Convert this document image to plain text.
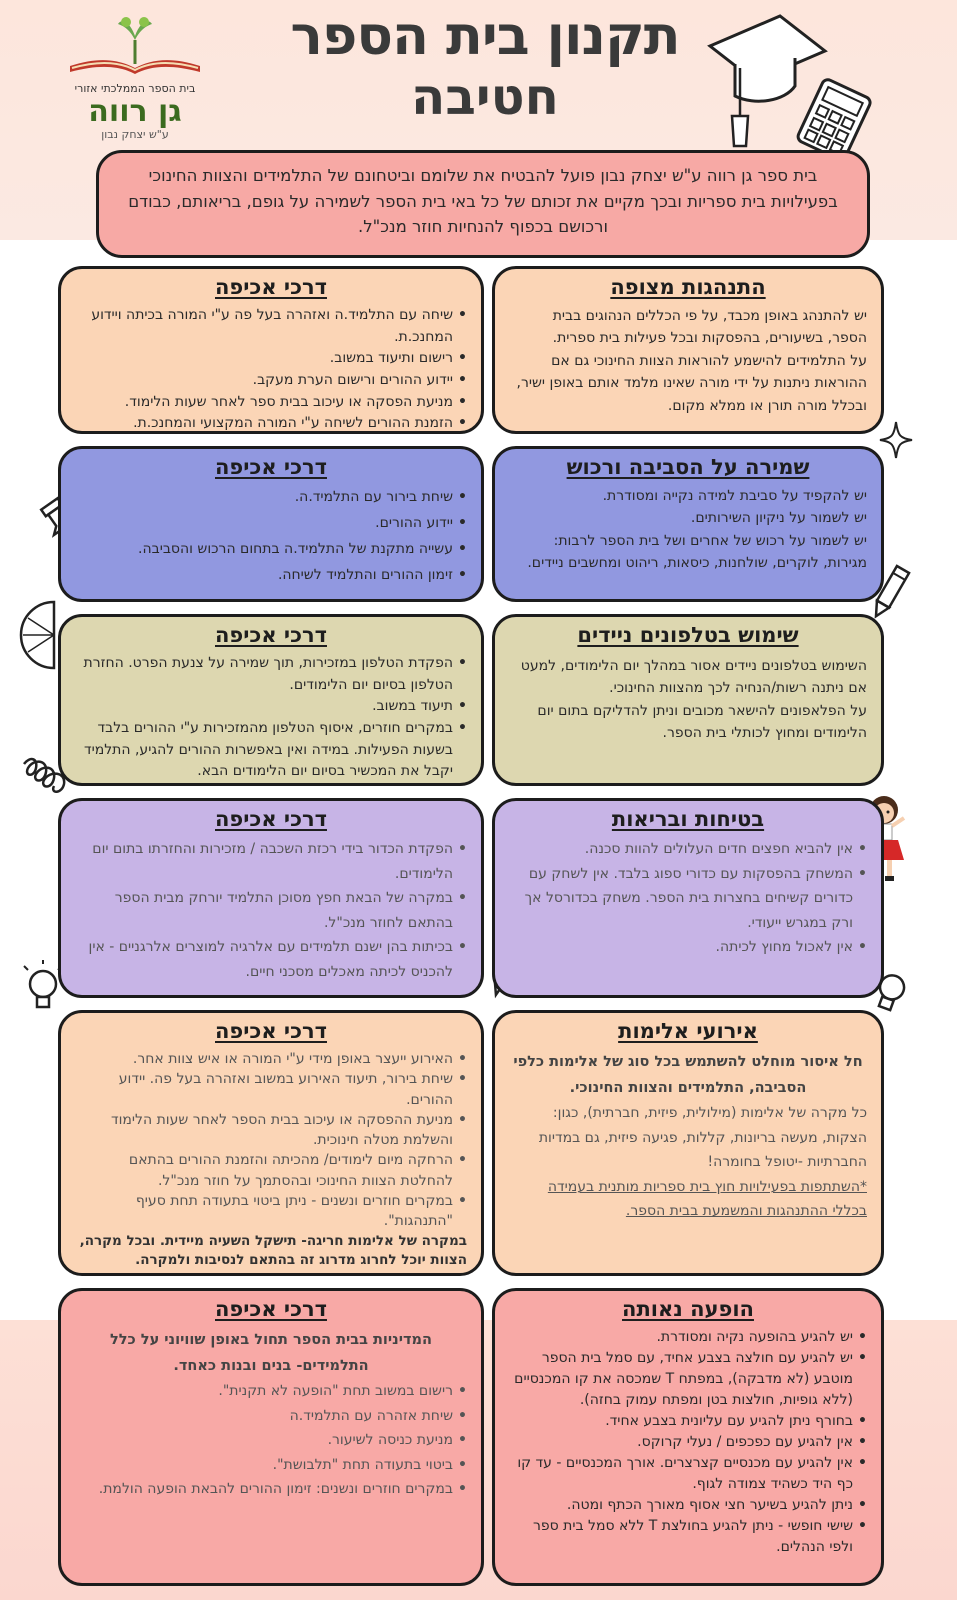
תקנון בית הספר
חטיבה
בית הספר הממלכתי אזורי
גן רווה
ע"ש יצחק נבון
בית ספר גן רווה ע"ש יצחק נבון פועל להבטיח את שלומם וביטחונם של התלמידים והצוות החינוכי בפעילויות בית ספריות ובכך מקיים את זכותם של כל באי בית הספר לשמירה על גופם, בריאותם, כבודם ורכושם בכפוף להנחיות חוזר מנכ"ל.
התנהגות מצופה

יש להתנהג באופן מכבד, על פי הכללים הנהוגים בבית הספר, בשיעורים, בהפסקות ובכל פעילות בית ספרית.

על התלמידים להישמע להוראות הצוות החינוכי גם אם ההוראות ניתנות על ידי מורה שאינו מלמד אותם באופן ישיר, ובכלל מורה תורן או ממלא מקום.

דרכי אכיפה
• שיחה עם התלמיד.ה ואזהרה בעל פה ע"י המורה בכיתה ויידוע המחנכ.ת.
• רישום ותיעוד במשוב.
• יידוע ההורים ורישום הערת מעקב.
• מניעת הפסקה או עיכוב בבית ספר לאחר שעות הלימוד.
• הזמנת ההורים לשיחה ע"י המורה המקצועי והמחנכ.ת.
שמירה על הסביבה ורכוש

יש להקפיד על סביבת למידה נקייה ומסודרת.

יש לשמור על ניקיון השירותים.

יש לשמור על רכוש של אחרים ושל בית הספר לרבות: מגירות, לוקרים, שולחנות, כיסאות, ריהוט ומחשבים ניידים.

דרכי אכיפה
• שיחת בירור עם התלמיד.ה.
• יידוע ההורים.
• עשייה מתקנת של התלמיד.ה בתחום הרכוש והסביבה.
• זימון ההורים והתלמיד לשיחה.
שימוש בטלפונים ניידים

השימוש בטלפונים ניידים אסור במהלך יום הלימודים, למעט אם ניתנה רשות/הנחיה לכך מהצוות החינוכי.

על הפלאפונים להישאר מכובים וניתן להדליקם בתום יום הלימודים ומחוץ לכותלי בית הספר.

דרכי אכיפה
• הפקדת הטלפון במזכירות, תוך שמירה על צנעת הפרט. החזרת הטלפון בסיום יום הלימודים.
• תיעוד במשוב.
• במקרים חוזרים, איסוף הטלפון מהמזכירות ע"י ההורים בלבד בשעות הפעילות. במידה ואין באפשרות ההורים להגיע, התלמיד יקבל את המכשיר בסיום יום הלימודים הבא.
בטיחות ובריאות
• אין להביא חפצים חדים העלולים להוות סכנה.
• המשחק בהפסקות עם כדורי ספוג בלבד. אין לשחק עם כדורים קשיחים בחצרות בית הספר. משחק בכדורסל אך ורק במגרש ייעודי.
• אין לאכול מחוץ לכיתה.
דרכי אכיפה
• הפקדת הכדור בידי רכזת השכבה / מזכירות והחזרתו בתום יום הלימודים.
• במקרה של הבאת חפץ מסוכן התלמיד יורחק מבית הספר בהתאם לחוזר מנכ"ל.
• בכיתות בהן ישנם תלמידים עם אלרגיה למוצרים אלרגניים - אין להכניס לכיתה מאכלים מסכני חיים.
אירועי אלימות

חל איסור מוחלט להשתמש בכל סוג של אלימות כלפי הסביבה, התלמידים והצוות החינוכי.

כל מקרה של אלימות (מילולית, פיזית, חברתית), כגון: הצקות, מעשה בריונות, קללות, פגיעה פיזית, גם במדיות החברתיות -יטופל בחומרה!

*השתתפות בפעילויות חוץ בית ספריות מותנית בעמידה בכללי ההתנהגות והמשמעת בבית הספר.

דרכי אכיפה
• האירוע ייעצר באופן מידי ע"י המורה או איש צוות אחר.
• שיחת בירור, תיעוד האירוע במשוב ואזהרה בעל פה. יידוע ההורים.
• מניעת ההפסקה או עיכוב בבית הספר לאחר שעות הלימוד והשלמת מטלה חינוכית.
• הרחקה מיום לימודים/ מהכיתה והזמנת ההורים בהתאם להחלטת הצוות החינוכי ובהסתמך על חוזר מנכ"ל.
• במקרים חוזרים ונשנים - ניתן ביטוי בתעודה תחת סעיף "התנהגות".

במקרה של אלימות חריגה- תישקל השעיה מיידית. ובכל מקרה, הצוות יוכל לחרוג מדרוג זה בהתאם לנסיבות ולמקרה.

הופעה נאותה
• יש להגיע בהופעה נקיה ומסודרת.
• יש להגיע עם חולצה בצבע אחיד, עם סמל בית הספר מוטבע (לא מדבקה), במפתח T שמכסה את קו המכנסיים (ללא גופיות, חולצות בטן ומפתח עמוק בחזה).
• בחורף ניתן להגיע עם עליונית בצבע אחיד.
• אין להגיע עם כפכפים / נעלי קרוקס.
• אין להגיע עם מכנסיים קצרצרים. אורך המכנסיים - עד קו כף היד כשהיד צמודה לגוף.
• ניתן להגיע בשיער חצי אסוף מאורך הכתף ומטה.
• שישי חופשי - ניתן להגיע בחולצת T ללא סמל בית ספר ולפי הנהלים.
דרכי אכיפה

המדיניות בבית הספר תחול באופן שוויוני על כלל התלמידים- בנים ובנות כאחד.

• רישום במשוב תחת "הופעה לא תקנית".
• שיחת אזהרה עם התלמיד.ה
• מניעת כניסה לשיעור.
• ביטוי בתעודה תחת "תלבושת".
• במקרים חוזרים ונשנים: זימון ההורים להבאת הופעה הולמת.
